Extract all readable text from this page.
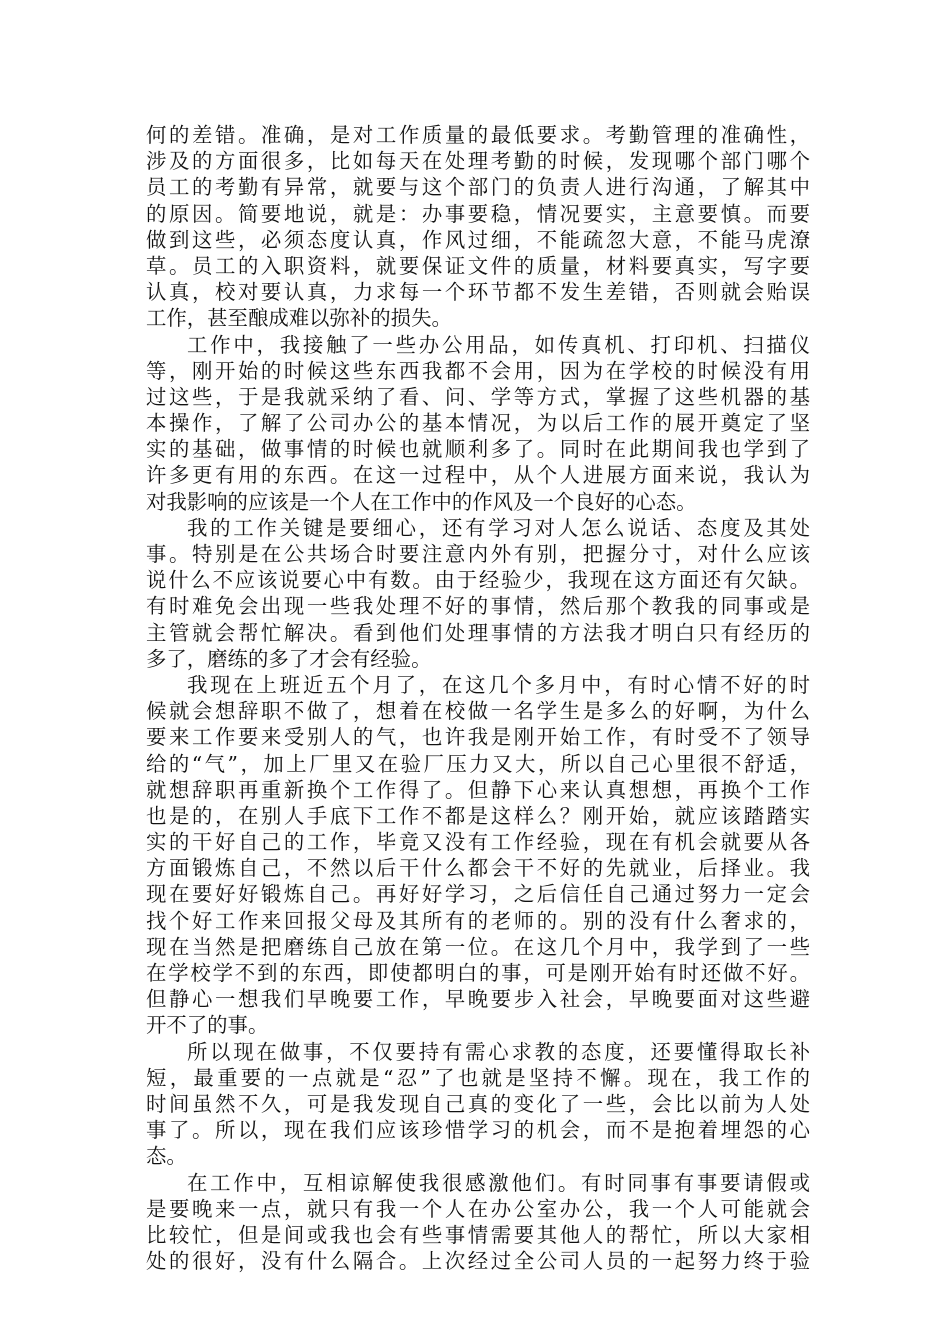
何的差错。准确，是对工作质量的最低要求。考勤管理的准确性，
涉及的方面很多，比如每天在处理考勤的时候，发现哪个部门哪个
员工的考勤有异常，就要与这个部门的负责人进行沟通，了解其中
的原因。简要地说，就是：办事要稳，情况要实，主意要慎。而要
做到这些，必须态度认真，作风过细，不能疏忽大意，不能马虎潦
草。员工的入职资料，就要保证文件的质量，材料要真实，写字要
认真，校对要认真，力求每一个环节都不发生差错，否则就会贻误
工作，甚至酿成难以弥补的损失。
工作中，我接触了一些办公用品，如传真机、打印机、扫描仪
等，刚开始的时候这些东西我都不会用，因为在学校的时候没有用
过这些，于是我就采纳了看、问、学等方式，掌握了这些机器的基
本操作，了解了公司办公的基本情况，为以后工作的展开奠定了坚
实的基础，做事情的时候也就顺利多了。同时在此期间我也学到了
许多更有用的东西。在这一过程中，从个人进展方面来说，我认为
对我影响的应该是一个人在工作中的作风及一个良好的心态。
我的工作关键是要细心，还有学习对人怎么说话、态度及其处
事。特别是在公共场合时要注意内外有别，把握分寸，对什么应该
说什么不应该说要心中有数。由于经验少，我现在这方面还有欠缺。
有时难免会出现一些我处理不好的事情，然后那个教我的同事或是
主管就会帮忙解决。看到他们处理事情的方法我才明白只有经历的
多了，磨练的多了才会有经验。
我现在上班近五个月了，在这几个多月中，有时心情不好的时
候就会想辞职不做了，想着在校做一名学生是多么的好啊，为什么
要来工作要来受别人的气，也许我是刚开始工作，有时受不了领导
给的“气”，加上厂里又在验厂压力又大，所以自己心里很不舒适，
就想辞职再重新换个工作得了。但静下心来认真想想，再换个工作
也是的，在别人手底下工作不都是这样么？刚开始，就应该踏踏实
实的干好自己的工作，毕竟又没有工作经验，现在有机会就要从各
方面锻炼自己，不然以后干什么都会干不好的先就业，后择业。我
现在要好好锻炼自己。再好好学习，之后信任自己通过努力一定会
找个好工作来回报父母及其所有的老师的。别的没有什么奢求的，
现在当然是把磨练自己放在第一位。在这几个月中，我学到了一些
在学校学不到的东西，即使都明白的事，可是刚开始有时还做不好。
但静心一想我们早晚要工作，早晚要步入社会，早晚要面对这些避
开不了的事。
所以现在做事，不仅要持有需心求教的态度，还要懂得取长补
短，最重要的一点就是“忍”了也就是坚持不懈。现在，我工作的
时间虽然不久，可是我发现自己真的变化了一些，会比以前为人处
事了。所以，现在我们应该珍惜学习的机会，而不是抱着埋怨的心
态。
在工作中，互相谅解使我很感激他们。有时同事有事要请假或
是要晚来一点，就只有我一个人在办公室办公，我一个人可能就会
比较忙，但是间或我也会有些事情需要其他人的帮忙，所以大家相
处的很好，没有什么隔合。上次经过全公司人员的一起努力终于验
